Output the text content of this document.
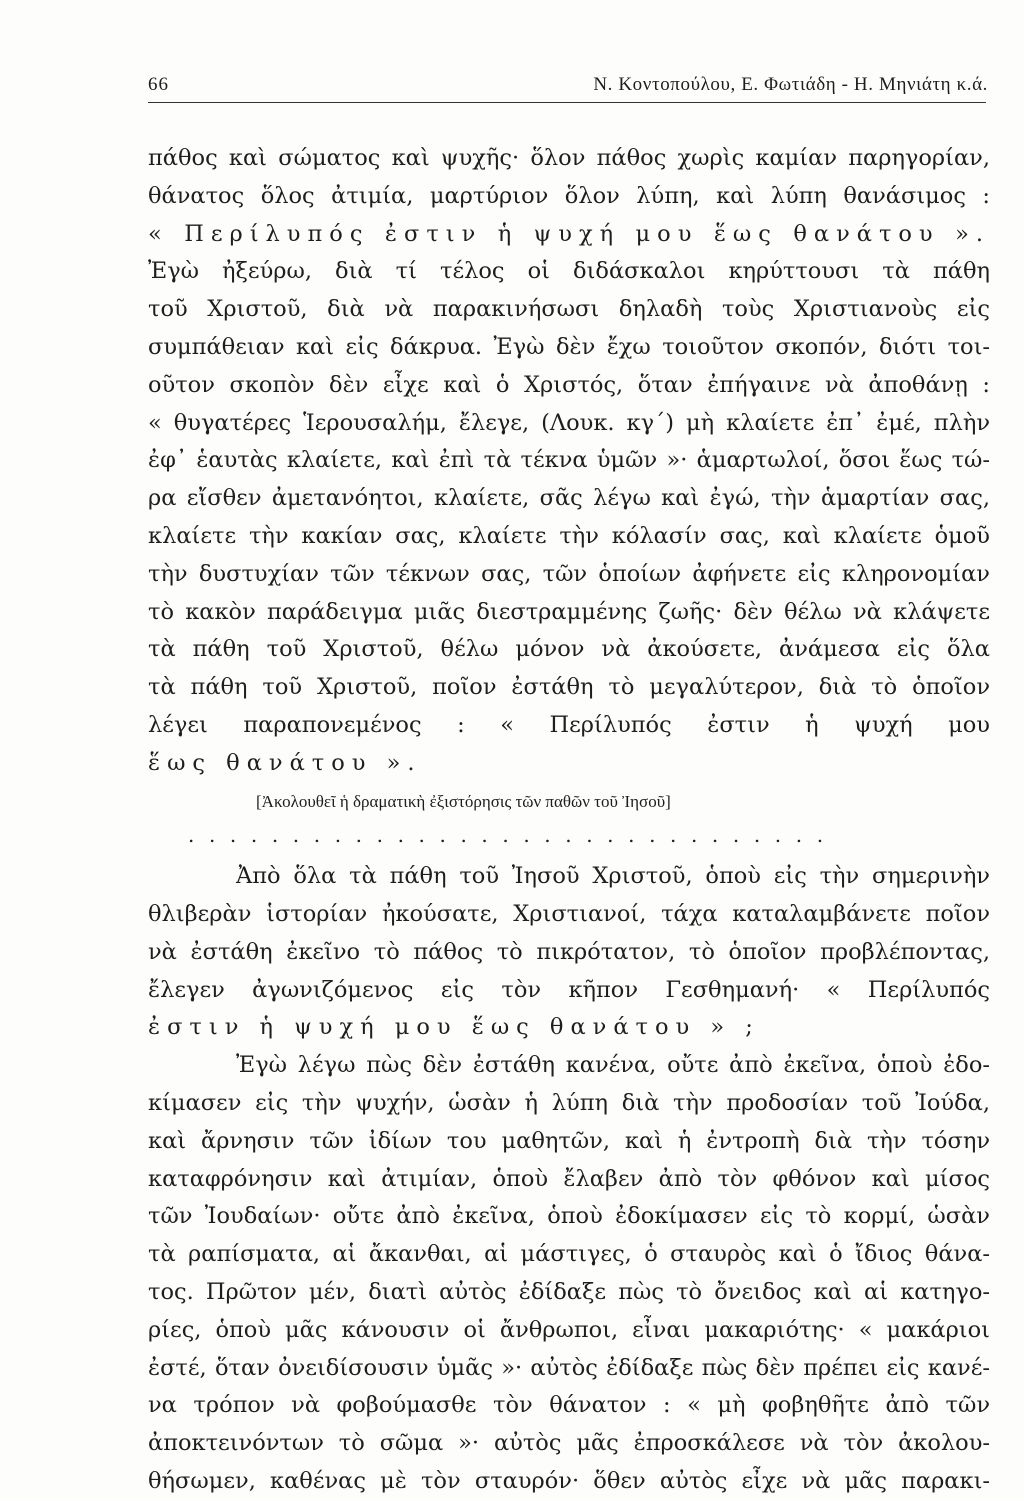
66	Ν. Κοντοπούλου, Ε. Φωτιάδη - Η. Μηνιάτη κ.ά.
πάθος καὶ σώματος καὶ ψυχῆς· ὅλον πάθος χωρὶς καμίαν παρηγορίαν,
θάνατος ὅλος ἀτιμία, μαρτύριον ὅλον λύπη, καὶ λύπη θανάσιμος :
« Περίλυπός ἐστιν ἡ ψυχή μου ἕως θανάτου ».
Ἐγὼ ἠξεύρω, διὰ τί τέλος οἱ διδάσκαλοι κηρύττουσι τὰ πάθη
τοῦ Χριστοῦ, διὰ νὰ παρακινήσωσι δηλαδὴ τοὺς Χριστιανοὺς εἰς
συμπάθειαν καὶ εἰς δάκρυα. Ἐγὼ δὲν ἔχω τοιοῦτον σκοπόν, διότι τοι-
οῦτον σκοπὸν δὲν εἶχε καὶ ὁ Χριστός, ὅταν ἐπήγαινε νὰ ἀποθάνῃ :
« θυγατέρες Ἱερουσαλήμ, ἔλεγε, (Λουκ. κγ´) μὴ κλαίετε ἐπ᾽ ἐμέ, πλὴν
ἐφ᾽ ἑαυτὰς κλαίετε, καὶ ἐπὶ τὰ τέκνα ὑμῶν »· ἁμαρτωλοί, ὅσοι ἕως τώ-
ρα εἴσθεν ἀμετανόητοι, κλαίετε, σᾶς λέγω καὶ ἐγώ, τὴν ἁμαρτίαν σας,
κλαίετε τὴν κακίαν σας, κλαίετε τὴν κόλασίν σας, καὶ κλαίετε ὁμοῦ
τὴν δυστυχίαν τῶν τέκνων σας, τῶν ὁποίων ἀφήνετε εἰς κληρονομίαν
τὸ κακὸν παράδειγμα μιᾶς διεστραμμένης ζωῆς· δὲν θέλω νὰ κλάψετε
τὰ πάθη τοῦ Χριστοῦ, θέλω μόνον νὰ ἀκούσετε, ἀνάμεσα εἰς ὅλα
τὰ πάθη τοῦ Χριστοῦ, ποῖον ἐστάθη τὸ μεγαλύτερον, διὰ τὸ ὁποῖον
λέγει παραπονεμένος : « Περίλυπός ἐστιν ἡ ψυχή μου
ἕως θανάτου ».
[Ἀκολουθεῖ ἡ δραματικὴ ἐξιστόρησις τῶν παθῶν τοῦ Ἰησοῦ]
...............................
Ἀπὸ ὅλα τὰ πάθη τοῦ Ἰησοῦ Χριστοῦ, ὁποὺ εἰς τὴν σημερινὴν
θλιβερὰν ἱστορίαν ἠκούσατε, Χριστιανοί, τάχα καταλαμβάνετε ποῖον
νὰ ἐστάθη ἐκεῖνο τὸ πάθος τὸ πικρότατον, τὸ ὁποῖον προβλέποντας,
ἔλεγεν ἀγωνιζόμενος εἰς τὸν κῆπον Γεσθημανή· « Περίλυπός
ἐστιν ἡ ψυχή μου ἕως θανάτου » ;
Ἐγὼ λέγω πὼς δὲν ἐστάθη κανένα, οὔτε ἀπὸ ἐκεῖνα, ὁποὺ ἐδο-
κίμασεν εἰς τὴν ψυχήν, ὡσὰν ἡ λύπη διὰ τὴν προδοσίαν τοῦ Ἰούδα,
καὶ ἄρνησιν τῶν ἰδίων του μαθητῶν, καὶ ἡ ἐντροπὴ διὰ τὴν τόσην
καταφρόνησιν καὶ ἀτιμίαν, ὁποὺ ἔλαβεν ἀπὸ τὸν φθόνον καὶ μίσος
τῶν Ἰουδαίων· οὔτε ἀπὸ ἐκεῖνα, ὁποὺ ἐδοκίμασεν εἰς τὸ κορμί, ὡσὰν
τὰ ραπίσματα, αἱ ἄκανθαι, αἱ μάστιγες, ὁ σταυρὸς καὶ ὁ ἴδιος θάνα-
τος. Πρῶτον μέν, διατὶ αὐτὸς ἐδίδαξε πὼς τὸ ὄνειδος καὶ αἱ κατηγο-
ρίες, ὁποὺ μᾶς κάνουσιν οἱ ἄνθρωποι, εἶναι μακαριότης· « μακάριοι
ἐστέ, ὅταν ὀνειδίσουσιν ὑμᾶς »· αὐτὸς ἐδίδαξε πὼς δὲν πρέπει εἰς κανέ-
να τρόπον νὰ φοβούμασθε τὸν θάνατον : « μὴ φοβηθῆτε ἀπὸ τῶν
ἀποκτεινόντων τὸ σῶμα »· αὐτὸς μᾶς ἐπροσκάλεσε νὰ τὸν ἀκολου-
θήσωμεν, καθένας μὲ τὸν σταυρόν· ὅθεν αὐτὸς εἶχε νὰ μᾶς παρακι-
